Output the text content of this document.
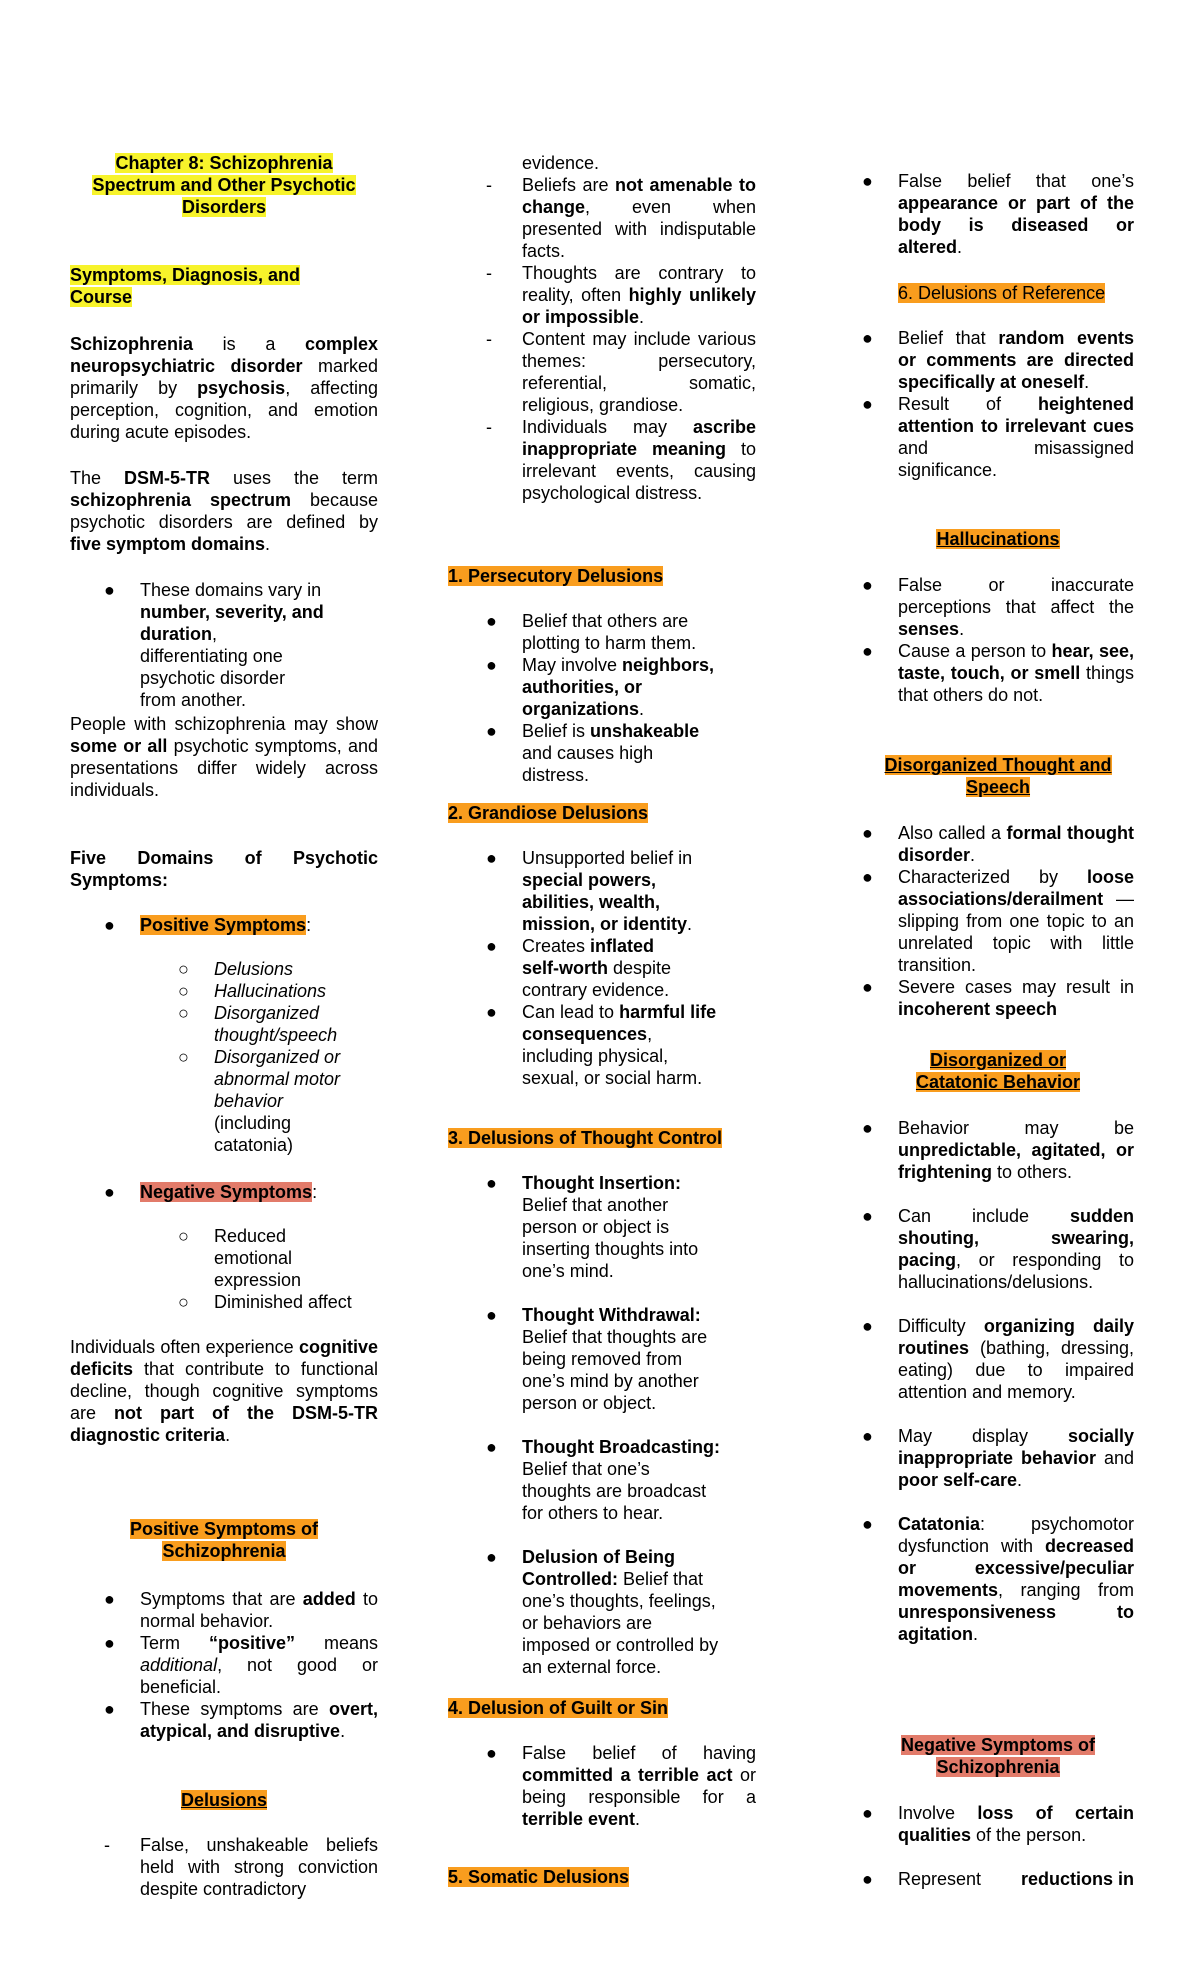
Chapter 8: Schizophrenia
Spectrum and Other Psychotic
Disorders

Symptoms, Diagnosis, and
Course

Schizophrenia is a complex neuropsychiatric disorder marked primarily by psychosis, affecting perception, cognition, and emotion during acute episodes.

The DSM-5-TR uses the term schizophrenia spectrum because psychotic disorders are defined by five symptom domains.

●	These domains vary in number, severity, and duration, differentiating one psychotic disorder from another.

People with schizophrenia may show some or all psychotic symptoms, and presentations differ widely across individuals.

Five Domains of Psychotic Symptoms:

●	Positive Symptoms:
○ Delusions
○ Hallucinations
○ Disorganized thought/speech
○ Disorganized or abnormal motor behavior
(including catatonia)
●	Negative Symptoms:
○ Reduced emotional expression
○ Diminished affect

Individuals often experience cognitive deficits that contribute to functional decline, though cognitive symptoms are not part of the DSM-5-TR diagnostic criteria.

Positive Symptoms of
Schizophrenia

● Symptoms that are added to normal behavior.
● Term “positive” means additional, not good or beneficial.
● These symptoms are overt, atypical, and disruptive.

Delusions

-	False, unshakeable beliefs held with strong conviction despite contradictory

evidence.

- Beliefs are not amenable to change, even when presented with indisputable facts.
- Thoughts are contrary to reality, often highly unlikely or impossible.
- Content may include various themes: persecutory, referential, somatic, religious, grandiose.
- Individuals may ascribe inappropriate meaning to irrelevant events, causing psychological distress.

1. Persecutory Delusions

● Belief that others are plotting to harm them.
● May involve neighbors, authorities, or organizations.
● Belief is unshakeable and causes high distress.

2. Grandiose Delusions

● Unsupported belief in special powers, abilities, wealth, mission, or identity.
● Creates inflated self-worth despite contrary evidence.
● Can lead to harmful life consequences, including physical, sexual, or social harm.

3. Delusions of Thought Control

● Thought Insertion: Belief that another person or object is inserting thoughts into one’s mind.
● Thought Withdrawal: Belief that thoughts are being removed from one’s mind by another person or object.
● Thought Broadcasting: Belief that one’s thoughts are broadcast for others to hear.
● Delusion of Being Controlled: Belief that one’s thoughts, feelings, or behaviors are imposed or controlled by an external force.

4. Delusion of Guilt or Sin

● False belief of having committed a terrible act or being responsible for a terrible event.

5. Somatic Delusions

● False belief that one’s appearance or part of the body is diseased or altered.

6. Delusions of Reference

● Belief that random events or comments are directed specifically at oneself.
● Result of heightened attention to irrelevant cues and misassigned significance.

Hallucinations

● False or inaccurate perceptions that affect the senses.
● Cause a person to hear, see, taste, touch, or smell things that others do not.

Disorganized Thought and
Speech

● Also called a formal thought disorder.
● Characterized by loose associations/derailment — slipping from one topic to an unrelated topic with little transition.
● Severe cases may result in incoherent speech

Disorganized or
Catatonic Behavior

● Behavior may be unpredictable, agitated, or frightening to others.
● Can include sudden shouting, swearing, pacing, or responding to hallucinations/delusions.
● Difficulty organizing daily routines (bathing, dressing, eating) due to impaired attention and memory.
● May display socially inappropriate behavior and poor self-care.
● Catatonia: psychomotor dysfunction with decreased or excessive/peculiar movements, ranging from unresponsiveness to agitation.

Negative Symptoms of
Schizophrenia

● Involve loss of certain qualities of the person.
● Represent reductions in
